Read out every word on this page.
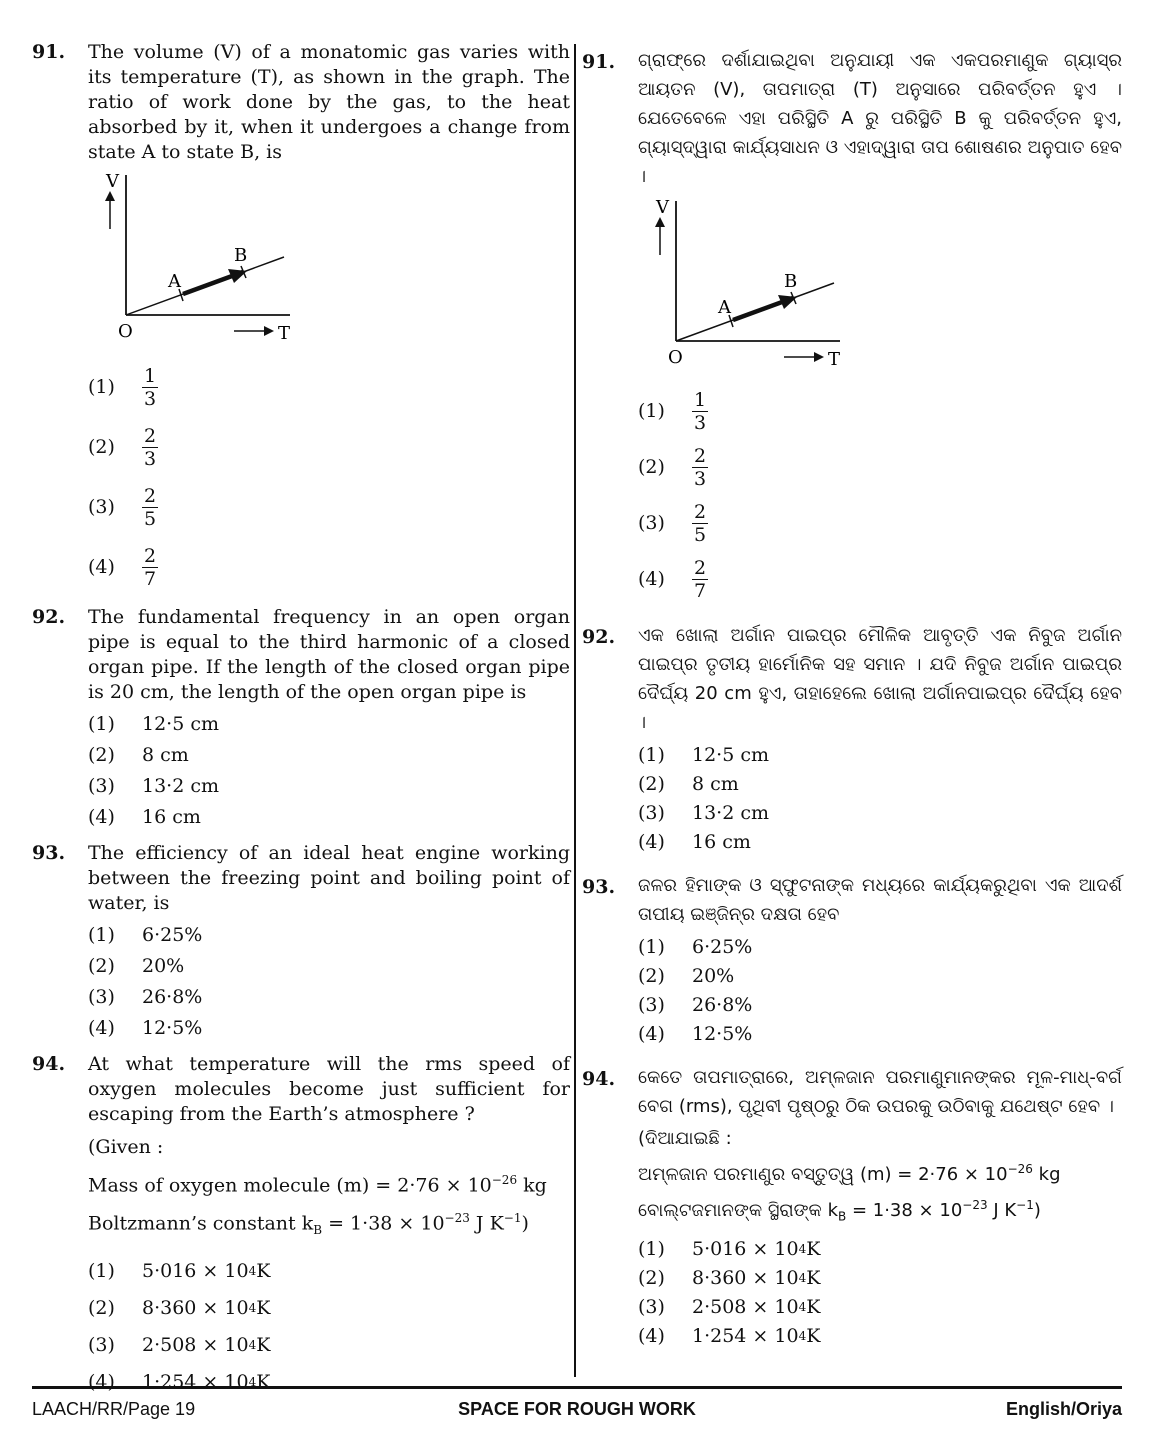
91. The volume (V) of a monatomic gas varies with its temperature (T), as shown in the graph. The ratio of work done by the gas, to the heat absorbed by it, when it undergoes a change from state A to state B, is
V
A
B
O	T
(1)	$\frac{1}{3}$
(2)	$\frac{2}{3}$
(3)	$\frac{2}{5}$
(4)	$\frac{2}{7}$
92. The fundamental frequency in an open organ pipe is equal to the third harmonic of a closed organ pipe. If the length of the closed organ pipe is 20 cm, the length of the open organ pipe is
(1)	12·5 cm
(2)	8 cm
(3)	13·2 cm
(4)	16 cm
93. The efficiency of an ideal heat engine working between the freezing point and boiling point of water, is
(1)	6·25%
(2)	20%
(3)	26·8%
(4)	12·5%
94. At what temperature will the rms speed of oxygen molecules become just sufficient for escaping from the Earth’s atmosphere ?
(Given :
Mass of oxygen molecule $(m) = 2\cdot 76 \times 10^{-26}$ kg
Boltzmann’s constant $k_B = 1\cdot 38 \times 10^{-23}$ J $K^{-1}$)
(1)	5·016 × 10 4 K
(2)	8·360 × 10 4 K
(3)	2·508 × 10 4 K
(4)	1·254 × 10 4 K
91. ଗ୍ରାଫ୍‌ରେ ଦର୍ଶାଯାଇଥିବା ଅନୁଯାୟୀ ଏକ ଏକପରମାଣୁକ ଗ୍ୟାସ୍‌ର ଆୟତନ (V), ତାପମାତ୍ରା (T) ଅନୁସାରେ ପରିବର୍ତ୍ତନ ହୁଏ । ଯେତେବେଳେ ଏହା ପରିସ୍ଥିତି A ରୁ ପରିସ୍ଥିତି B କୁ ପରିବର୍ତ୍ତନ ହୁଏ, ଗ୍ୟାସ୍‌ଦ୍ୱାରା କାର୍ଯ୍ୟସାଧନ ଓ ଏହାଦ୍ୱାରା ତାପ ଶୋଷଣର ଅନୁପାତ ହେବ ।
V
A
B
O	T
(1)	$\frac{1}{3}$
(2)	$\frac{2}{3}$
(3)	$\frac{2}{5}$
(4)	$\frac{2}{7}$
92. ଏକ ଖୋଲା ଅର୍ଗାନ ପାଇପ୍‌ର ମୌଳିକ ଆବୃତ୍ତି ଏକ ନିବୁଜ ଅର୍ଗାନ ପାଇପ୍‌ର ତୃତୀୟ ହାର୍ମୋନିକ ସହ ସମାନ । ଯଦି ନିବୁଜ ଅର୍ଗାନ ପାଇପ୍‌ର ଦୈର୍ଘ୍ୟ 20 cm ହୁଏ, ତାହାହେଲେ ଖୋଲା ଅର୍ଗାନପାଇପ୍‌ର ଦୈର୍ଘ୍ୟ ହେବ ।
(1)	12·5 cm
(2)	8 cm
(3)	13·2 cm
(4)	16 cm
93. ଜଳର ହିମାଙ୍କ ଓ ସ୍ଫୁଟନାଙ୍କ ମଧ୍ୟରେ କାର୍ଯ୍ୟକରୁଥିବା ଏକ ଆଦର୍ଶ ତାପୀୟ ଇଞ୍ଜିନ୍‌ର ଦକ୍ଷତା ହେବ
(1)	6·25%
(2)	20%
(3)	26·8%
(4)	12·5%
94. କେତେ ତାପମାତ୍ରାରେ, ଅମ୍ଳଜାନ ପରମାଣୁମାନଙ୍କର ମୂଳ-ମାଧ୍-ବର୍ଗ ବେଗ (rms), ପୃଥିବୀ ପୃଷ୍ଠରୁ ଠିକ ଉପରକୁ ଉଠିବାକୁ ଯଥେଷ୍ଟ ହେବ ।
(ଦିଆଯାଇଛି :
ଅମ୍ଳଜାନ ପରମାଣୁର ବସ୍ତୁତ୍ୱ $(m) = 2\cdot 76 \times 10^{-26}$ kg
ବୋଲ୍‌ଟଜମାନଙ୍କ ସ୍ଥିରାଙ୍କ $k_B = 1\cdot 38 \times 10^{-23}$ J $K^{-1}$)
(1)	5·016 × 10 4 K
(2)	8·360 × 10 4 K
(3)	2·508 × 10 4 K
(4)	1·254 × 10 4 K
LAACH/RR/Page 19	SPACE FOR ROUGH WORK	English/Oriya
